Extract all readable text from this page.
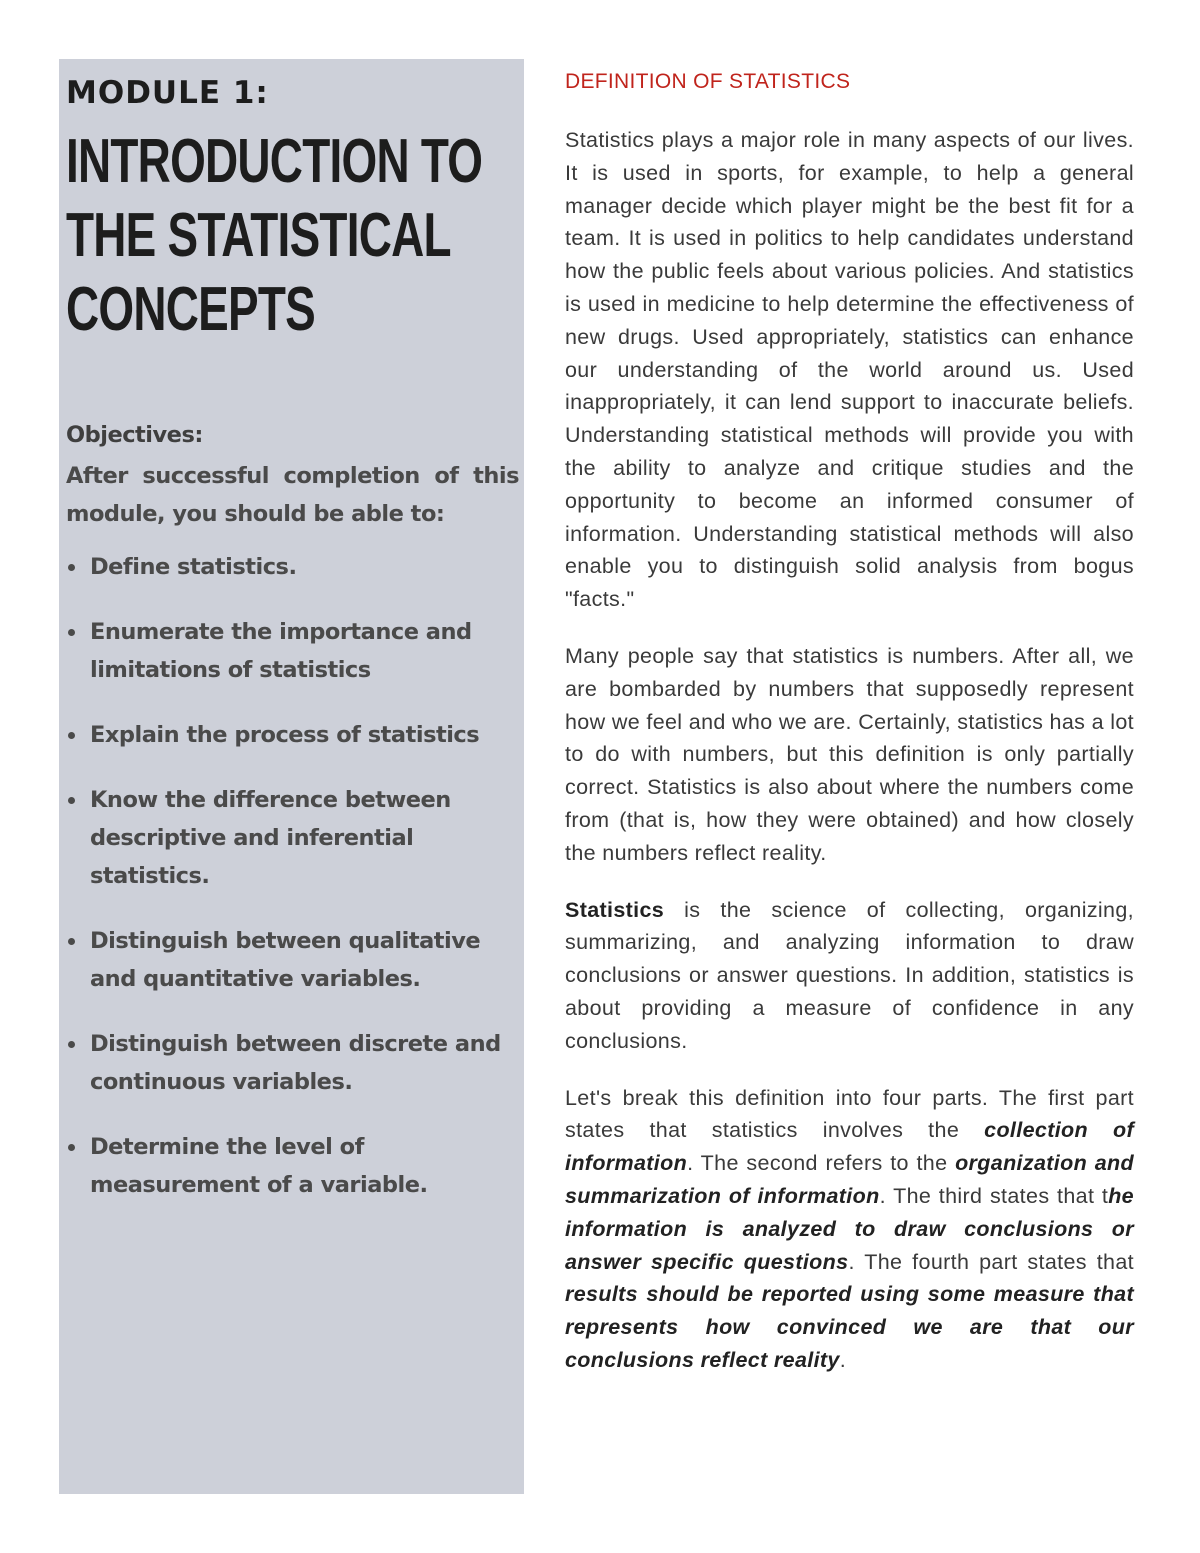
MODULE 1:
INTRODUCTION TO THE STATISTICAL CONCEPTS

Objectives:

After successful completion of this module, you should be able to:

Define statistics.
Enumerate the importance and limitations of statistics
Explain the process of statistics
Know the difference between descriptive and inferential statistics.
Distinguish between qualitative and quantitative variables.
Distinguish between discrete and continuous variables.
Determine the level of measurement of a variable.
DEFINITION OF STATISTICS

Statistics plays a major role in many aspects of our lives. It is used in sports, for example, to help a general manager decide which player might be the best fit for a team. It is used in politics to help candidates understand how the public feels about various policies. And statistics is used in medicine to help determine the effectiveness of new drugs. Used appropriately, statistics can enhance our understanding of the world around us. Used inappropriately, it can lend support to inaccurate beliefs. Understanding statistical methods will provide you with the ability to analyze and critique studies and the opportunity to become an informed consumer of information. Understanding statistical methods will also enable you to distinguish solid analysis from bogus "facts."

Many people say that statistics is numbers. After all, we are bombarded by numbers that supposedly represent how we feel and who we are. Certainly, statistics has a lot to do with numbers, but this definition is only partially correct. Statistics is also about where the numbers come from (that is, how they were obtained) and how closely the numbers reflect reality.

Statistics is the science of collecting, organizing, summarizing, and analyzing information to draw conclusions or answer questions. In addition, statistics is about providing a measure of confidence in any conclusions.

Let's break this definition into four parts. The first part states that statistics involves the collection of information. The second refers to the organization and summarization of information. The third states that the information is analyzed to draw conclusions or answer specific questions. The fourth part states that results should be reported using some measure that represents how convinced we are that our conclusions reflect reality.
